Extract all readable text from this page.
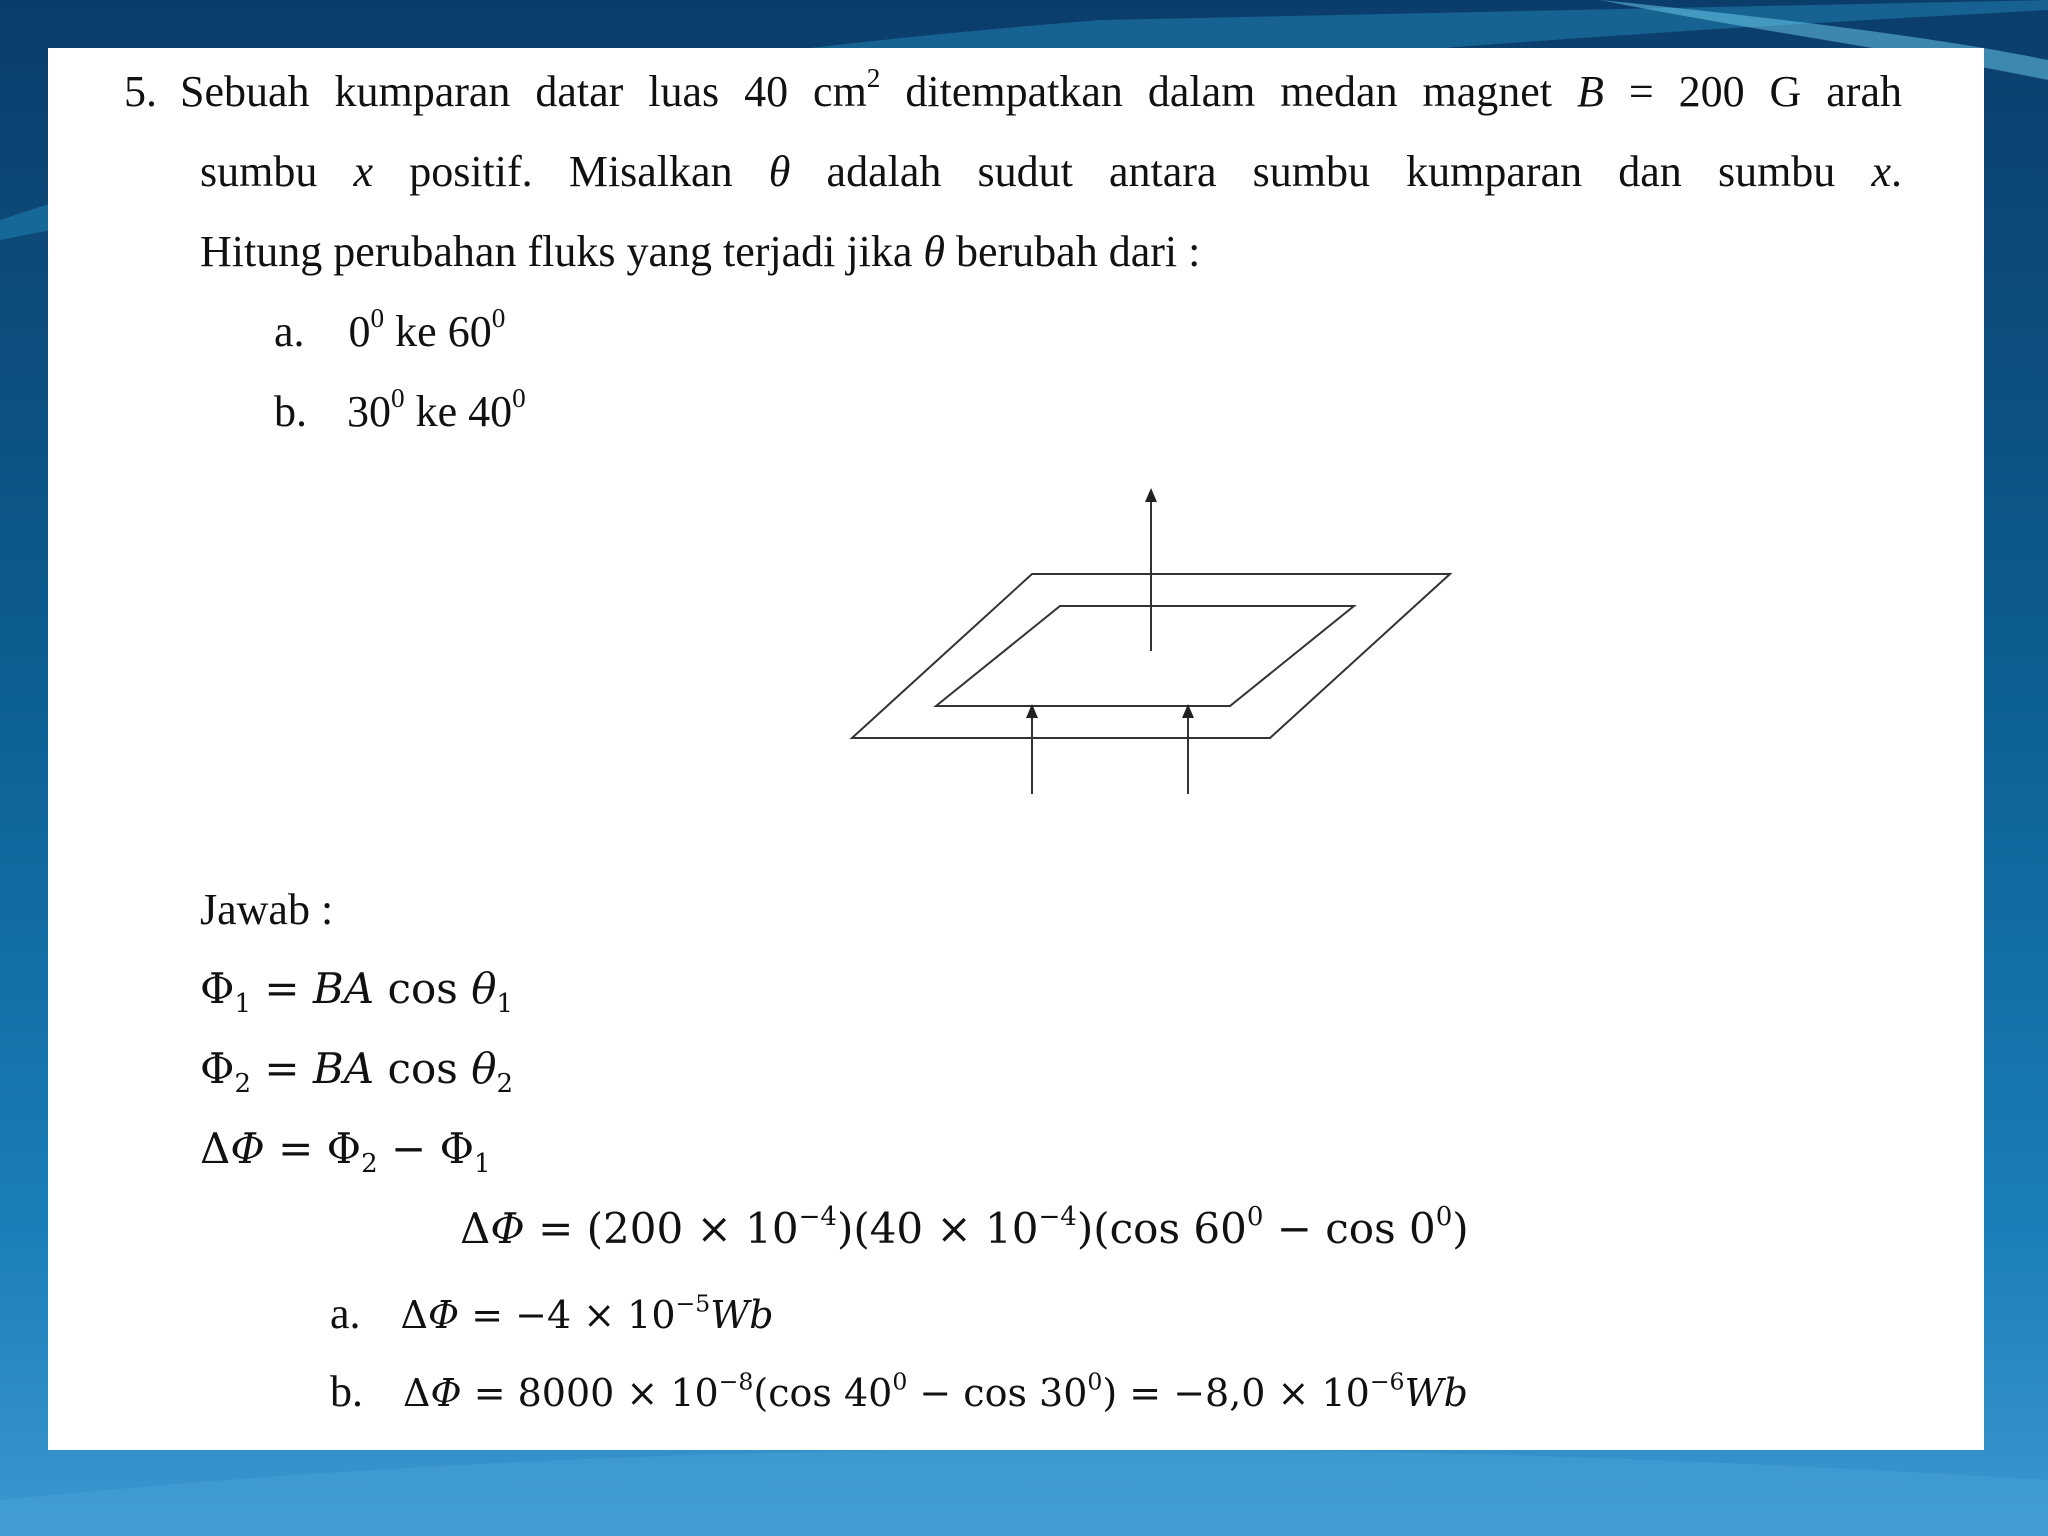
5. Sebuah kumparan datar luas 40 $cm^2$ ditempatkan dalam medan magnet B = 200 G arah
sumbu x positif. Misalkan θ adalah sudut antara sumbu kumparan dan sumbu x.
Hitung perubahan fluks yang terjadi jika θ berubah dari :
a. $0^0$ ke $60^0$
b. $30^0$ ke $40^0$
Jawab :
$\Phi_1$ = BA $\cos \theta_1$
$\Phi_2$ = BA $\cos \theta_2$
$\Delta\Phi = \Phi_2 - \Phi_1$
$\Delta\Phi = (200 \times 10^{-4})(40 \times 10^{-4})(\cos$ $60^0 - \cos 0^0$)
a. $\Delta\Phi = -4 \times 10^{-5}Wb$
b. $\Delta\Phi = 8000 \times 10^{-8}(\cos$ $40^0 - \cos 30^0) = -8,0 \times 10^{-6}Wb$
